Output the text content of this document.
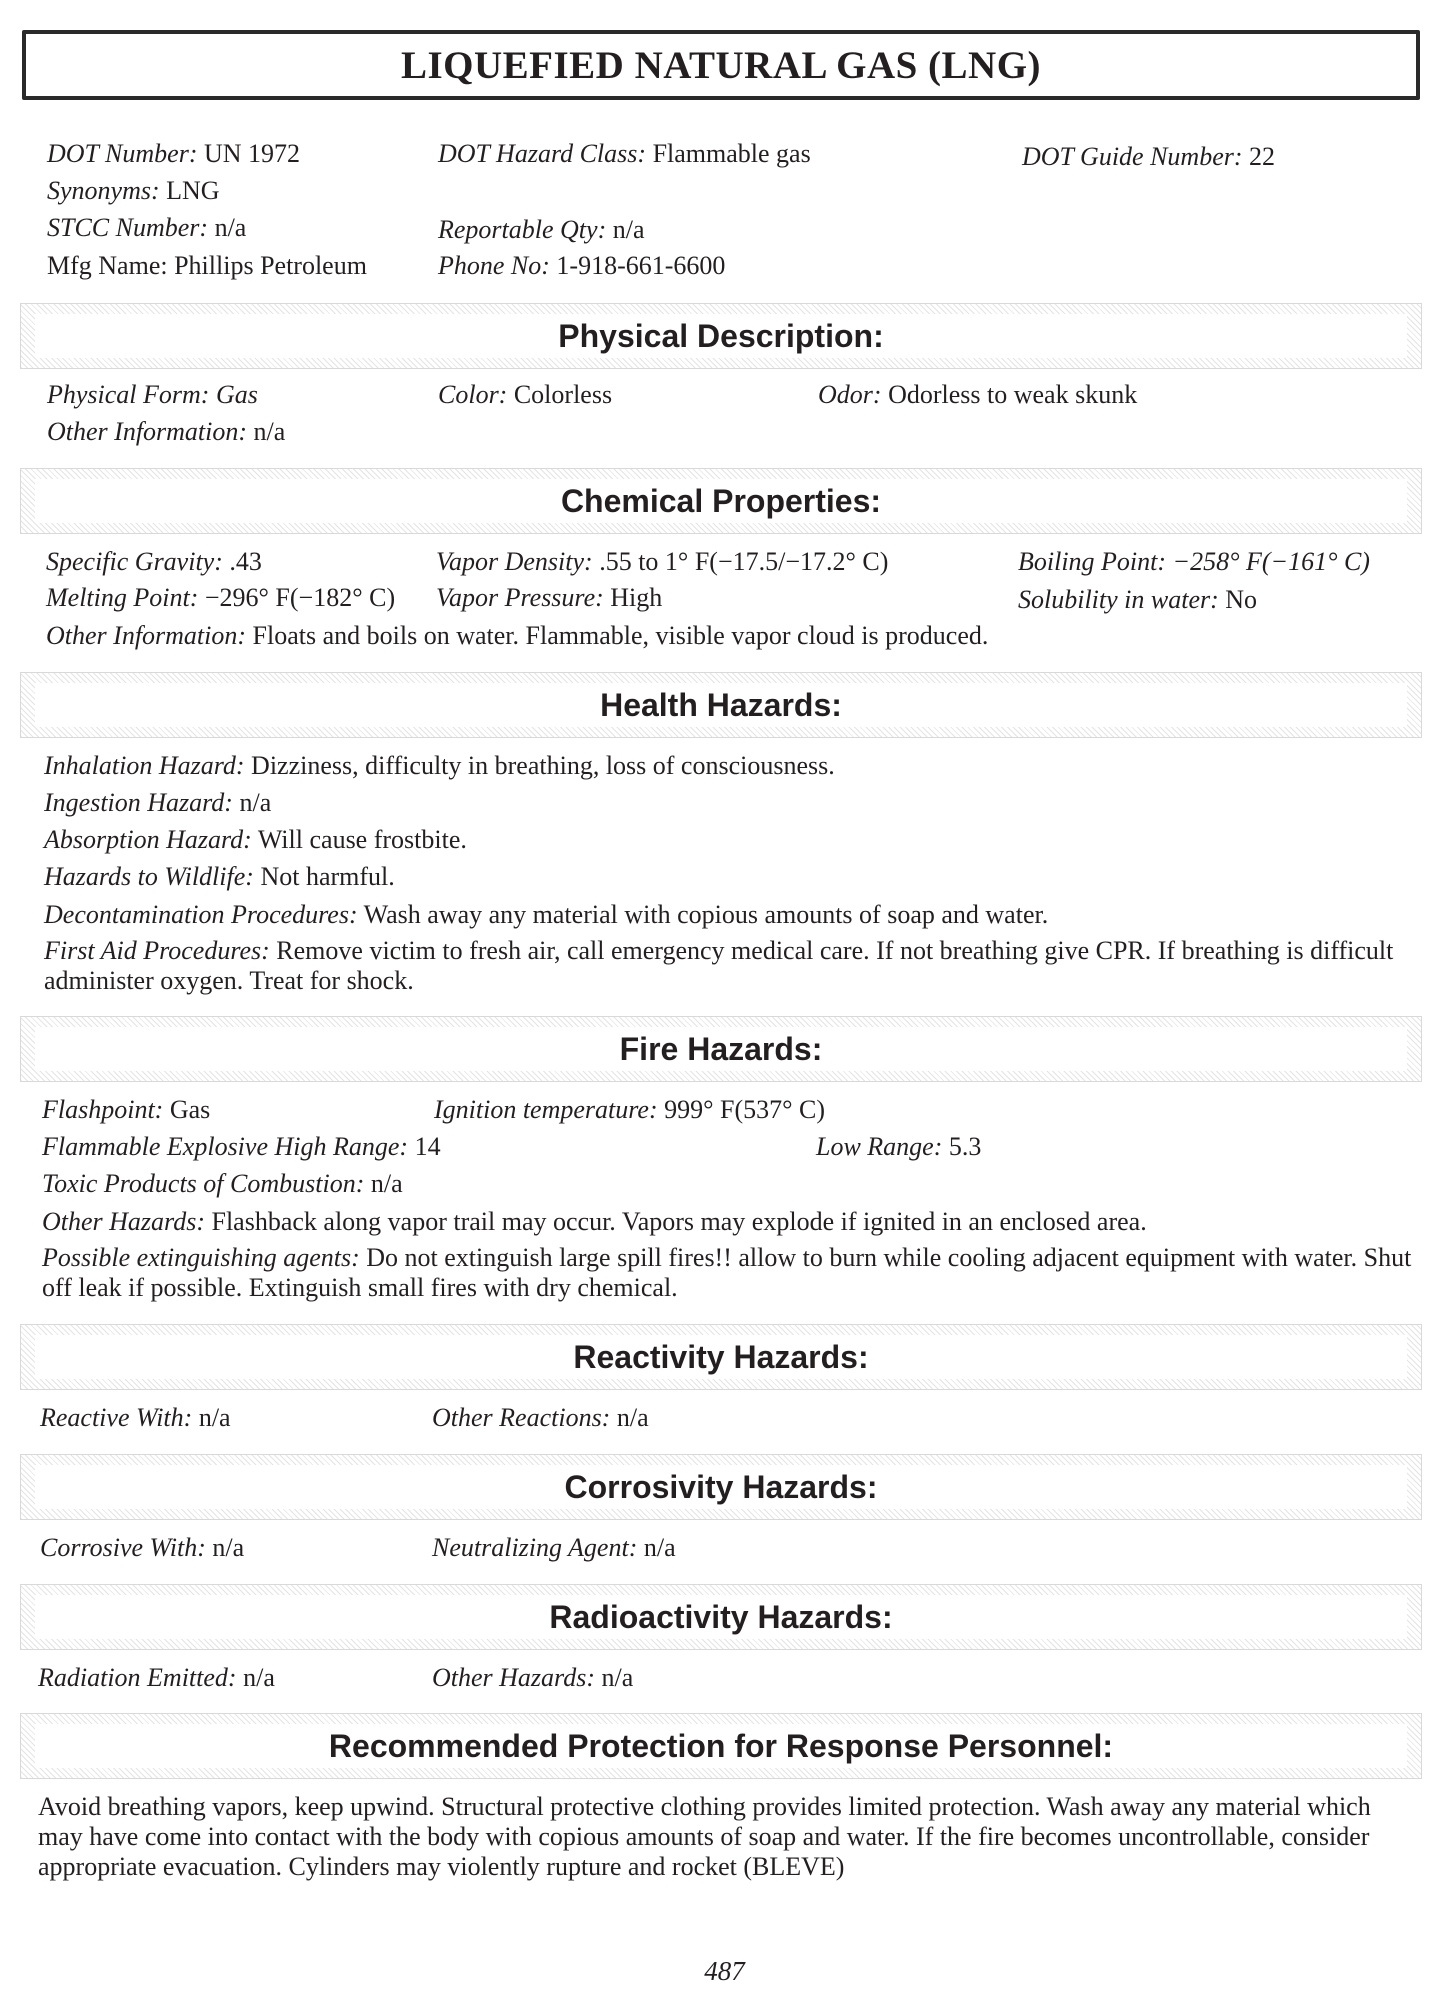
LIQUEFIED NATURAL GAS (LNG)
DOT Number: UN 1972	DOT Hazard Class: Flammable gas	DOT Guide Number: 22
Synonyms: LNG
STCC Number: n/a	Reportable Qty: n/a
Mfg Name: Phillips Petroleum	Phone No: 1-918-661-6600
Physical Description:
Physical Form: Gas	Color: Colorless	Odor: Odorless to weak skunk
Other Information: n/a
Chemical Properties:
Specific Gravity: .43	Vapor Density: .55 to 1° F(−17.5/−17.2° C)	Boiling Point: −258° F(−161° C)
Melting Point: −296° F(−182° C) Vapor Pressure: High	Solubility in water: No
Other Information: Floats and boils on water. Flammable, visible vapor cloud is produced.
Health Hazards:
Inhalation Hazard: Dizziness, difficulty in breathing, loss of consciousness.
Ingestion Hazard: n/a
Absorption Hazard: Will cause frostbite.
Hazards to Wildlife: Not harmful.
Decontamination Procedures: Wash away any material with copious amounts of soap and water.
First Aid Procedures: Remove victim to fresh air, call emergency medical care. If not breathing give CPR. If breathing is difficult administer oxygen. Treat for shock.
Fire Hazards:
Flashpoint: Gas	Ignition temperature: 999° F(537° C)
Flammable Explosive High Range: 14	Low Range: 5.3
Toxic Products of Combustion: n/a
Other Hazards: Flashback along vapor trail may occur. Vapors may explode if ignited in an enclosed area.
Possible extinguishing agents: Do not extinguish large spill fires!! allow to burn while cooling adjacent equipment with water. Shut off leak if possible. Extinguish small fires with dry chemical.
Reactivity Hazards:
Reactive With: n/a	Other Reactions: n/a
Corrosivity Hazards:
Corrosive With: n/a	Neutralizing Agent: n/a
Radioactivity Hazards:
Radiation Emitted: n/a	Other Hazards: n/a
Recommended Protection for Response Personnel:
Avoid breathing vapors, keep upwind. Structural protective clothing provides limited protection. Wash away any material which may have come into contact with the body with copious amounts of soap and water. If the fire becomes uncontrollable, consider appropriate evacuation. Cylinders may violently rupture and rocket (BLEVE)
487
